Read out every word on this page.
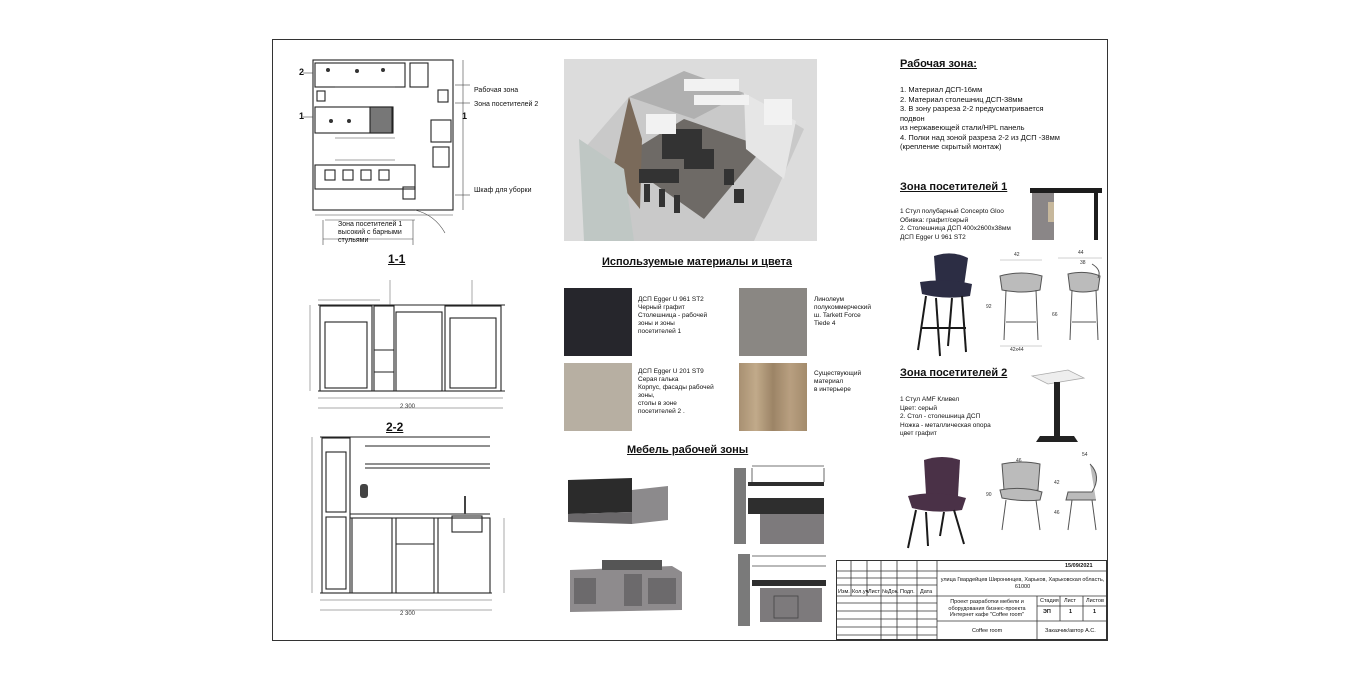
2
1	1
Рабочая зона
Зона посетителей 2
Шкаф для уборки
Зона посетителей 1 высокий с барными стульями
1-1
2 300
2-2
2 300
Используемые материалы и цвета
ДСП Egger U 961 ST2
Черный графит
Столешница - рабочей
зоны и зоны
посетителей 1
Линолеум
полукоммерческий
ш. Tarkett Force
Tiede 4
ДСП Egger U 201 ST9
Серая галька
Корпус, фасады рабочей
зоны,
столы в зоне
посетителей 2 .
Существующий
материал
в интерьере
Мебель рабочей зоны
Рабочая зона:
1. Материал ДСП-16мм
2. Материал столешниц ДСП-38мм
3. В зону разреза 2-2 предусматривается
подвон
из нержавеющей стали/HPL панель
4. Полки над зоной разреза 2-2 из ДСП -38мм
(крепление скрытый монтаж)
Зона посетителей 1
1 Стул полубарный Concepto Gloo
Обивка: графит/серый
2. Столешница ДСП 400х2600х38мм
ДСП Egger U 961 ST2
42	44
38
92
66
42х44
Зона посетителей 2
1 Стул AMF Кливел
Цвет: серый
2. Стол - столешница ДСП
Ножка - металлическая опора
цвет графит
46
54
90
46
42
15/09/2021
улица Гвардейцев Широнинцев, Харьков, Харьковская область, 61000
Проект разработки мебели и оборудования бизнес-проекта Интернет кафе "Coffee room"
Изм. Кол.уч Лист №Док. Подп. Дата
Стадия Лист Листов
ЭП	1	1
Coffee room	Заказчик/автор А.С.
